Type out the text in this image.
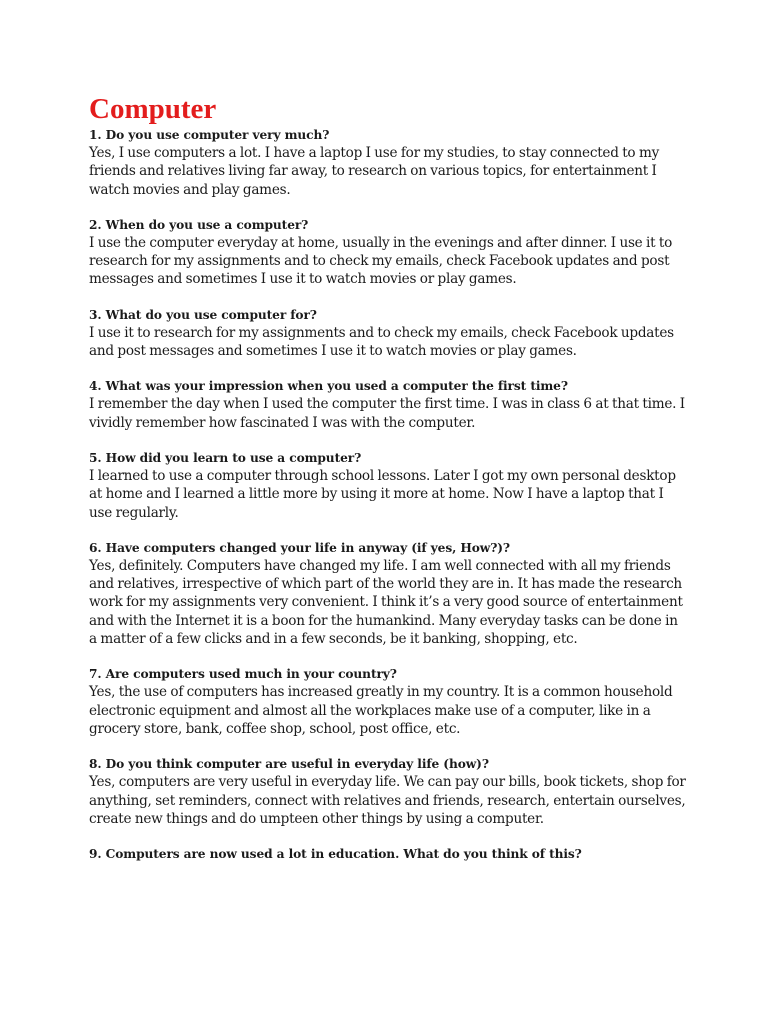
Computer

1. Do you use computer very much?

Yes, I use computers a lot. I have a laptop I use for my studies, to stay connected to my friends and relatives living far away, to research on various topics, for entertainment I watch movies and play games.

2. When do you use a computer?

I use the computer everyday at home, usually in the evenings and after dinner. I use it to research for my assignments and to check my emails, check Facebook updates and post messages and sometimes I use it to watch movies or play games.

3. What do you use computer for?

I use it to research for my assignments and to check my emails, check Facebook updates and post messages and sometimes I use it to watch movies or play games.

4. What was your impression when you used a computer the first time?

I remember the day when I used the computer the first time. I was in class 6 at that time. I vividly remember how fascinated I was with the computer.

5. How did you learn to use a computer?

I learned to use a computer through school lessons. Later I got my own personal desktop at home and I learned a little more by using it more at home. Now I have a laptop that I use regularly.

6. Have computers changed your life in anyway (if yes, How?)?

Yes, definitely. Computers have changed my life. I am well connected with all my friends and relatives, irrespective of which part of the world they are in. It has made the research work for my assignments very convenient. I think it’s a very good source of entertainment and with the Internet it is a boon for the humankind. Many everyday tasks can be done in a matter of a few clicks and in a few seconds, be it banking, shopping, etc.

7. Are computers used much in your country?

Yes, the use of computers has increased greatly in my country. It is a common household electronic equipment and almost all the workplaces make use of a computer, like in a grocery store, bank, coffee shop, school, post office, etc.

8. Do you think computer are useful in everyday life (how)?

Yes, computers are very useful in everyday life. We can pay our bills, book tickets, shop for anything, set reminders, connect with relatives and friends, research, entertain ourselves, create new things and do umpteen other things by using a computer.

9. Computers are now used a lot in education. What do you think of this?
